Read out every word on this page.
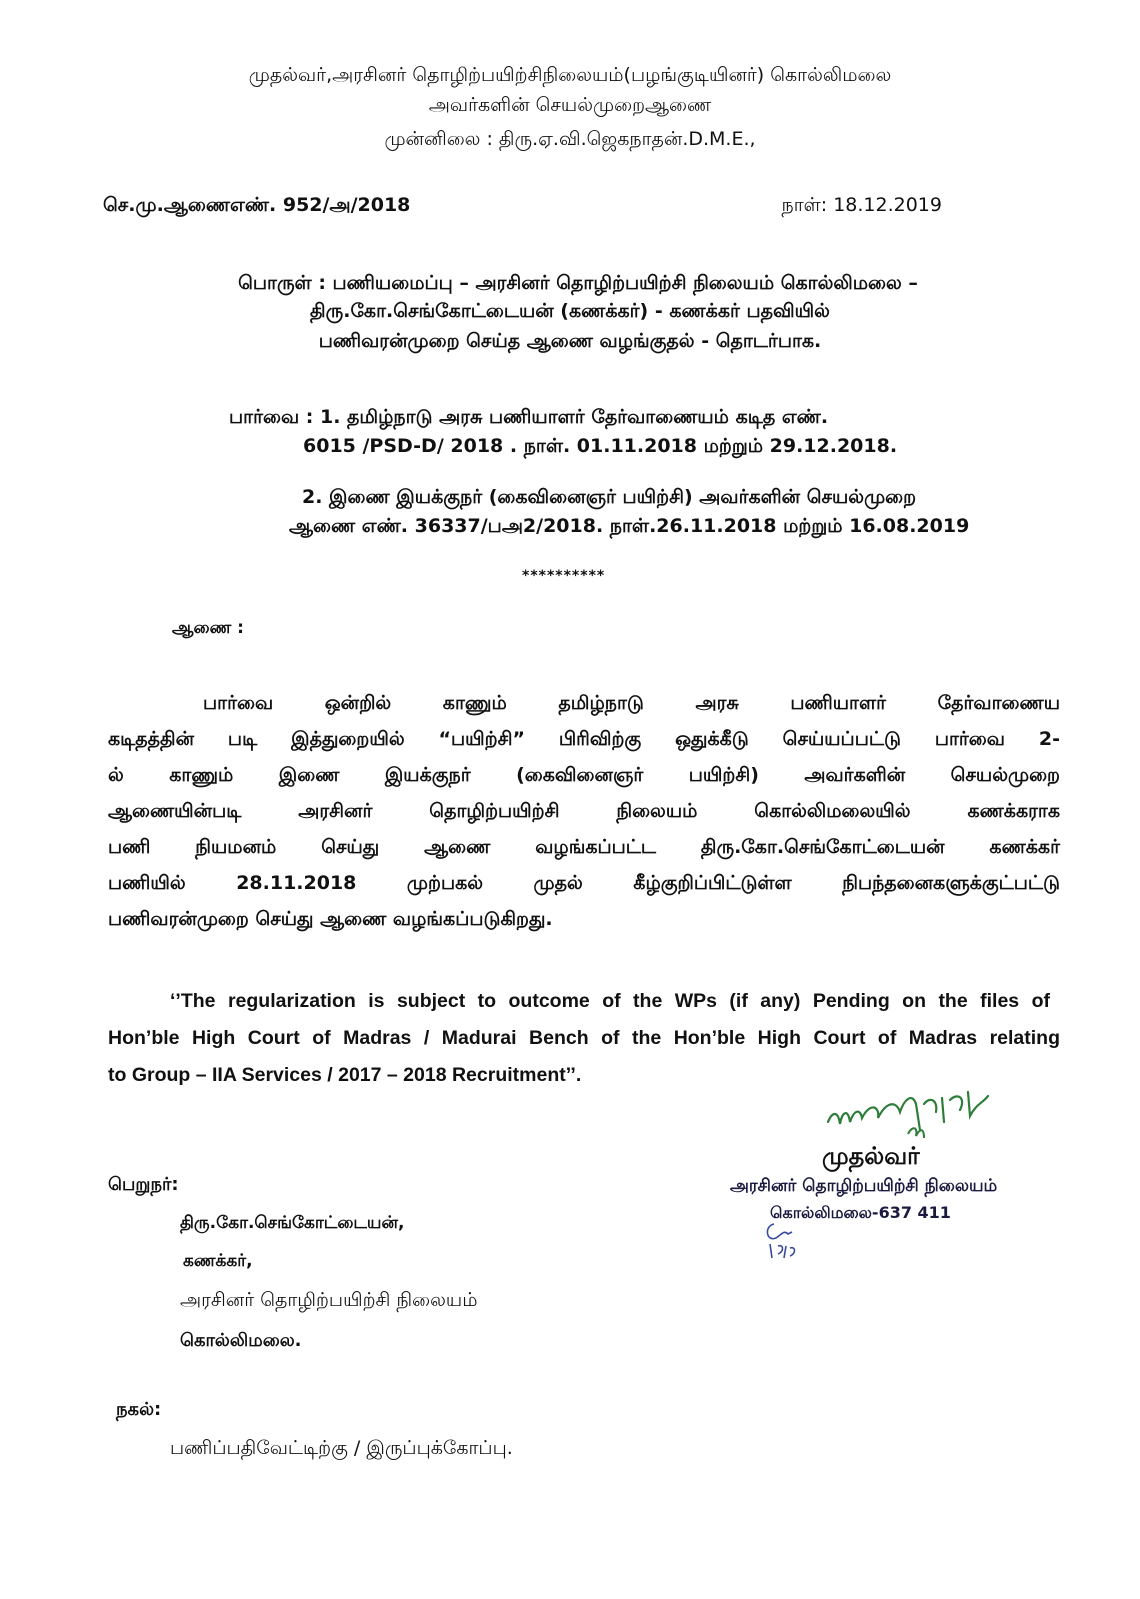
முதல்வர்,அரசினர் தொழிற்பயிற்சிநிலையம்(பழங்குடியினர்) கொல்லிமலை
அவர்களின் செயல்முறைஆணை
முன்னிலை : திரு.ஏ.வி.ஜெகநாதன்.D.M.E.,
செ.மு.ஆணைஎண். 952/அ/2018	நாள்: 18.12.2019
பொருள் : பணியமைப்பு – அரசினர் தொழிற்பயிற்சி நிலையம் கொல்லிமலை –
திரு.கோ.செங்கோட்டையன் (கணக்கர்) - கணக்கர் பதவியில்
பணிவரன்முறை செய்த ஆணை வழங்குதல் - தொடர்பாக.
பார்வை : 1. தமிழ்நாடு அரசு பணியாளர் தேர்வாணையம் கடித எண்.
6015 /PSD-D/ 2018 . நாள். 01.11.2018 மற்றும் 29.12.2018.
2. இணை இயக்குநர் (கைவினைஞர் பயிற்சி) அவர்களின் செயல்முறை
ஆணை எண். 36337/பஅ2/2018. நாள்.26.11.2018 மற்றும் 16.08.2019
**********
ஆணை :
பார்வை ஒன்றில் காணும் தமிழ்நாடு அரசு பணியாளர் தேர்வாணைய
கடிதத்தின் படி இத்துறையில் “பயிற்சி” பிரிவிற்கு ஒதுக்கீடு செய்யப்பட்டு பார்வை 2-
ல் காணும் இணை இயக்குநர் (கைவினைஞர் பயிற்சி) அவர்களின் செயல்முறை
ஆணையின்படி அரசினர் தொழிற்பயிற்சி நிலையம் கொல்லிமலையில் கணக்கராக
பணி நியமனம் செய்து ஆணை வழங்கப்பட்ட திரு.கோ.செங்கோட்டையன் கணக்கர்
பணியில் 28.11.2018 முற்பகல் முதல் கீழ்குறிப்பிட்டுள்ள நிபந்தனைகளுக்குட்பட்டு
பணிவரன்முறை செய்து ஆணை வழங்கப்படுகிறது.
‘’The regularization is subject to outcome of the WPs (if any) Pending on the files of
Hon’ble High Court of Madras / Madurai Bench of the Hon’ble High Court of Madras relating
to Group – IIA Services / 2017 – 2018 Recruitment’’.
முதல்வர்
அரசினர் தொழிற்பயிற்சி நிலையம்
கொல்லிமலை-637 411
பெறுநர்:
திரு.கோ.செங்கோட்டையன்,
கணக்கர்,
அரசினர் தொழிற்பயிற்சி நிலையம்
கொல்லிமலை.
நகல்:
பணிப்பதிவேட்டிற்கு / இருப்புக்கோப்பு.
